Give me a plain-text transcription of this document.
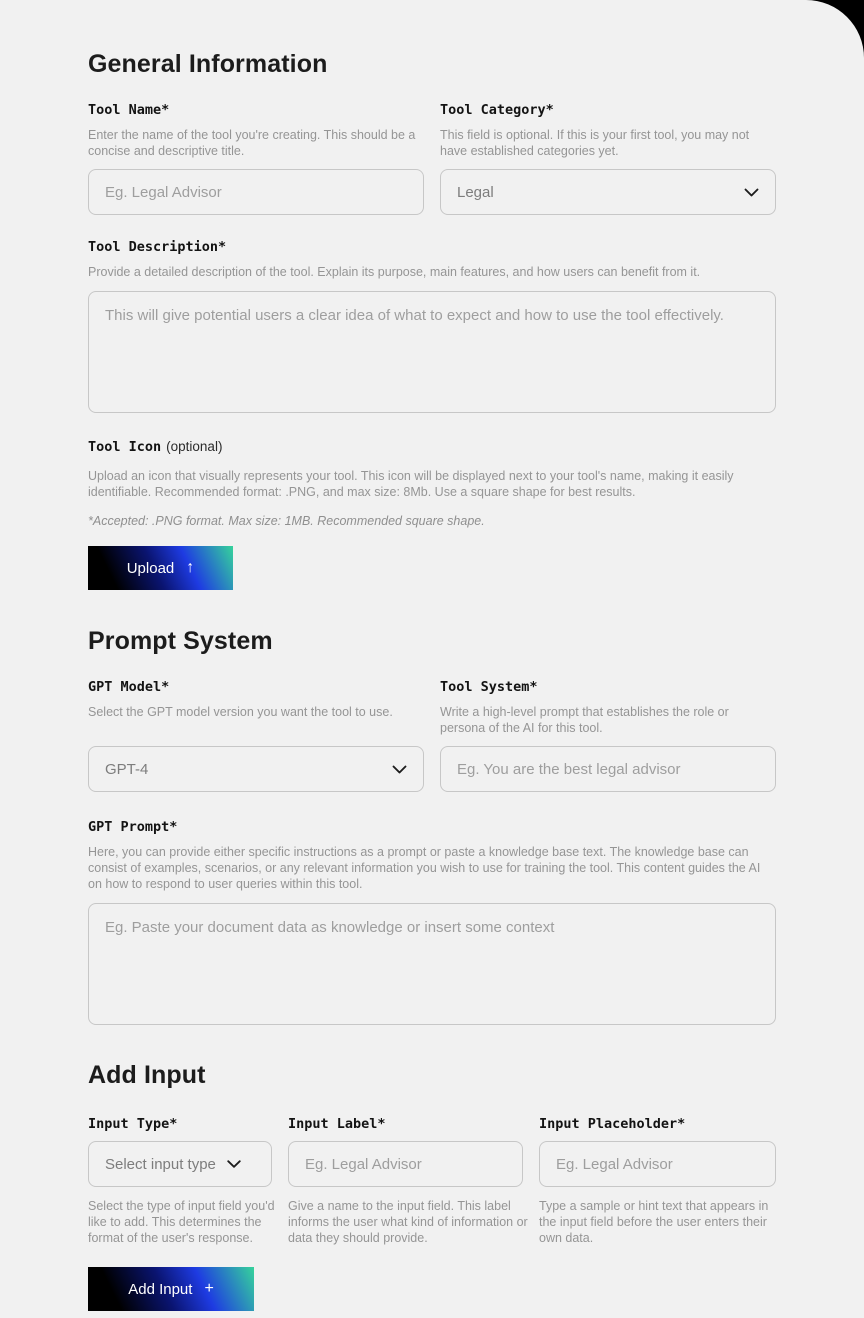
General Information
Tool Name*
Enter the name of the tool you're creating. This should be a concise and descriptive title.
Eg. Legal Advisor
Tool Category*
This field is optional. If this is your first tool, you may not have established categories yet.
Legal
Tool Description*
Provide a detailed description of the tool. Explain its purpose, main features, and how users can benefit from it.
This will give potential users a clear idea of what to expect and how to use the tool effectively.
Tool Icon (optional)
Upload an icon that visually represents your tool. This icon will be displayed next to your tool's name, making it easily identifiable. Recommended format: .PNG, and max size: 8Mb. Use a square shape for best results.
*Accepted: .PNG format. Max size: 1MB. Recommended square shape.
Upload ↑
Prompt System
GPT Model*
Select the GPT model version you want the tool to use.
GPT-4
Tool System*
Write a high-level prompt that establishes the role or persona of the AI for this tool.
Eg. You are the best legal advisor
GPT Prompt*
Here, you can provide either specific instructions as a prompt or paste a knowledge base text. The knowledge base can consist of examples, scenarios, or any relevant information you wish to use for training the tool. This content guides the AI on how to respond to user queries within this tool.
Eg. Paste your document data as knowledge or insert some context
Add Input
Input Type*
Select input type
Select the type of input field you'd like to add. This determines the format of the user's response.
Input Label*
Eg. Legal Advisor
Give a name to the input field. This label informs the user what kind of information or data they should provide.
Input Placeholder*
Eg. Legal Advisor
Type a sample or hint text that appears in the input field before the user enters their own data.
Add Input +
